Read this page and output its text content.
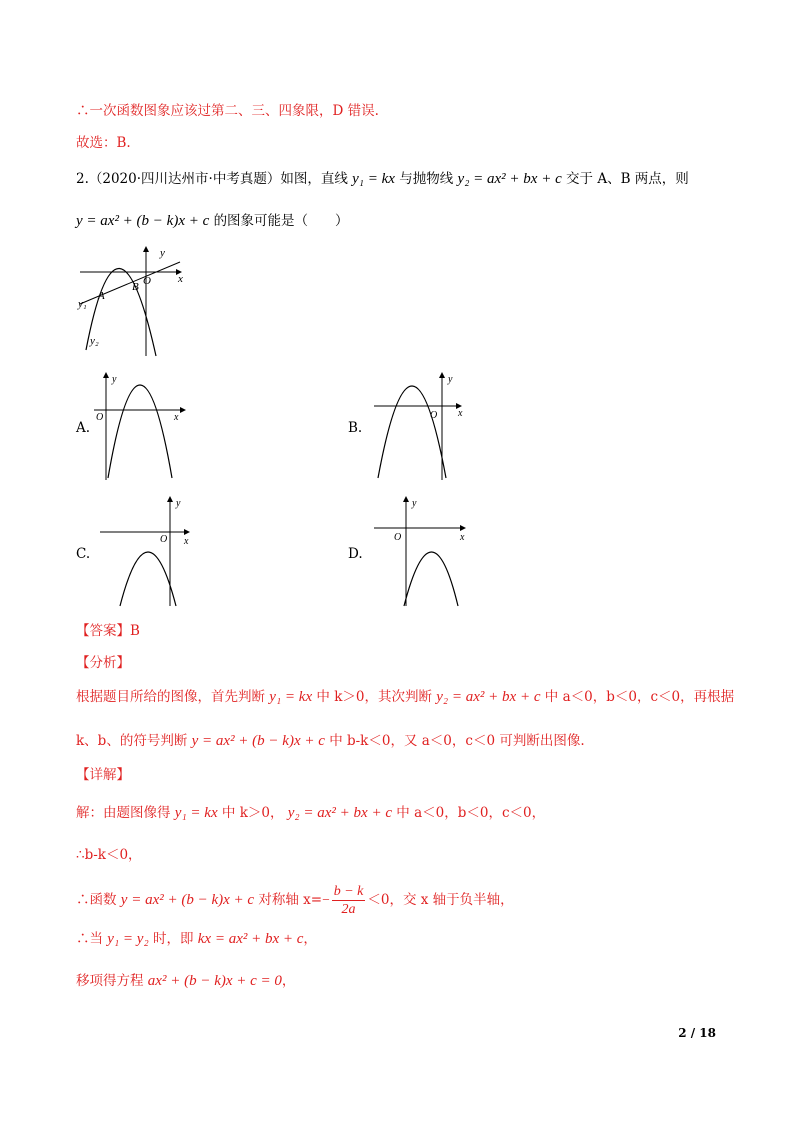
∴一次函数图象应该过第二、三、四象限，D 错误.
故选：B.
2.（2020·四川达州市·中考真题）如图，直线 y₁ = kx 与抛物线 y₂ = ax² + bx + c 交于 A、B 两点，则
y = ax² + (b − k)x + c 的图象可能是（　　）
y
x
O
A
B
y₁
y₂
A.
y
x
O
B.
y
x
O
C.
y
x
O
D.
y
x
O
【答案】B
【分析】
根据题目所给的图像，首先判断 y₁ = kx 中 k＞0，其次判断 y₂ = ax² + bx + c 中 a＜0，b＜0，c＜0，再根据
k、b、的符号判断 y = ax² + (b − k)x + c 中 b-k＜0，又 a＜0，c＜0 可判断出图像.
【详解】
解：由题图像得 y₁ = kx 中 k＞0， y₂ = ax² + bx + c 中 a＜0，b＜0，c＜0，
∴b-k＜0，
∴函数 y = ax² + (b − k)x + c 对称轴 $x=- \frac{b - k}{2a} <0$，交 x 轴于负半轴，
∴当 y₁ = y₂ 时，即 kx = ax² + bx + c，
移项得方程 ax² + (b − k)x + c = 0，
2 / 18
